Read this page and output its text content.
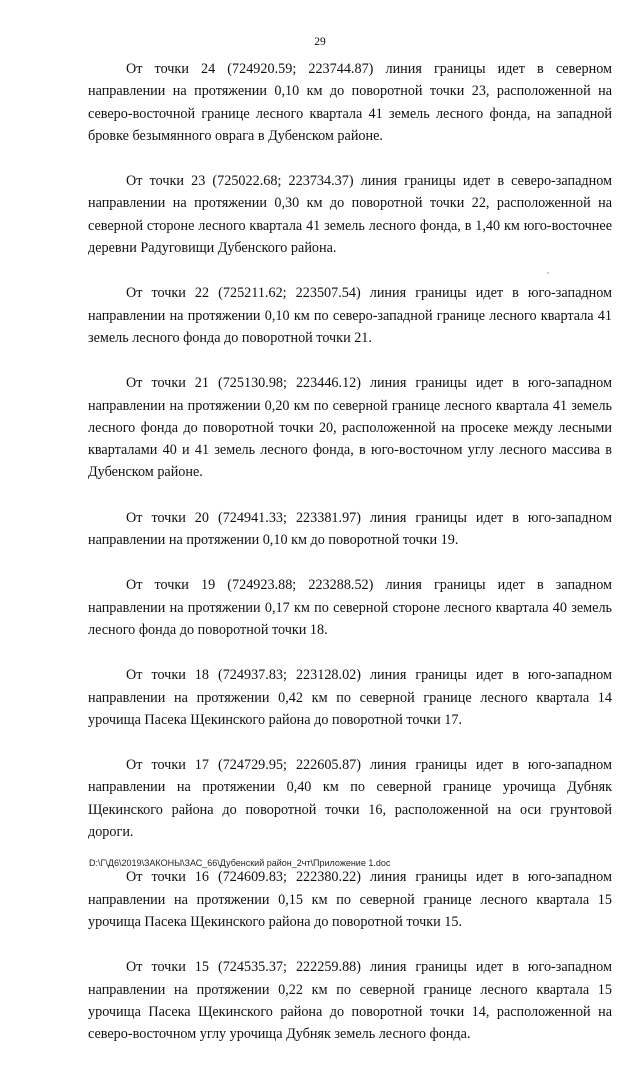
29

От точки 24 (724920.59; 223744.87) линия границы идет в северном направлении на протяжении 0,10 км до поворотной точки 23, расположенной на северо-восточной границе лесного квартала 41 земель лесного фонда, на западной бровке безымянного оврага в Дубенском районе.

От точки 23 (725022.68; 223734.37) линия границы идет в северо-западном направлении на протяжении 0,30 км до поворотной точки 22, расположенной на северной стороне лесного квартала 41 земель лесного фонда, в 1,40 км юго-восточнее деревни Радуговищи Дубенского района.

От точки 22 (725211.62; 223507.54) линия границы идет в юго-западном направлении на протяжении 0,10 км по северо-западной границе лесного квартала 41 земель лесного фонда до поворотной точки 21.

От точки 21 (725130.98; 223446.12) линия границы идет в юго-западном направлении на протяжении 0,20 км по северной границе лесного квартала 41 земель лесного фонда до поворотной точки 20, расположенной на просеке между лесными кварталами 40 и 41 земель лесного фонда, в юго-восточном углу лесного массива в Дубенском районе.

От точки 20 (724941.33; 223381.97) линия границы идет в юго-западном направлении на протяжении 0,10 км до поворотной точки 19.

От точки 19 (724923.88; 223288.52) линия границы идет в западном направлении на протяжении 0,17 км по северной стороне лесного квартала 40 земель лесного фонда до поворотной точки 18.

От точки 18 (724937.83; 223128.02) линия границы идет в юго-западном направлении на протяжении 0,42 км по северной границе лесного квартала 14 урочища Пасека Щекинского района до поворотной точки 17.

От точки 17 (724729.95; 222605.87) линия границы идет в юго-западном направлении на протяжении 0,40 км по северной границе урочища Дубняк Щекинского района до поворотной точки 16, расположенной на оси грунтовой дороги.

От точки 16 (724609.83; 222380.22) линия границы идет в юго-западном направлении на протяжении 0,15 км по северной границе лесного квартала 15 урочища Пасека Щекинского района до поворотной точки 15.

От точки 15 (724535.37; 222259.88) линия границы идет в юго-западном направлении на протяжении 0,22 км по северной границе лесного квартала 15 урочища Пасека Щекинского района до поворотной точки 14, расположенной на северо-восточном углу урочища Дубняк земель лесного фонда.

D:\Г\Д6\2019\ЗАКОНЫ\ЗАС_66\Дубенский район_2чт\Приложение 1.doc
